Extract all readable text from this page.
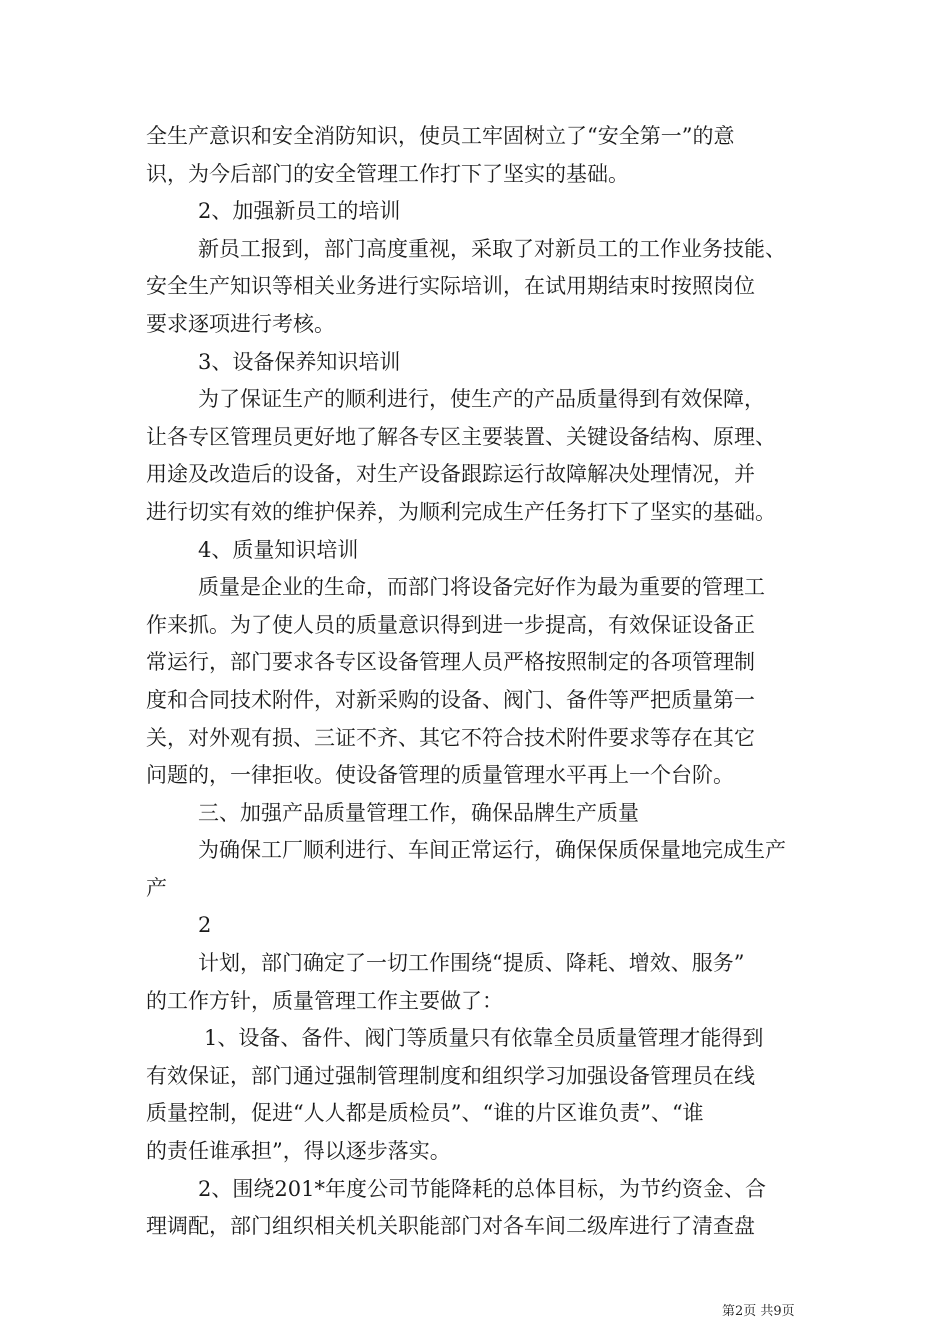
全生产意识和安全消防知识，使员工牢固树立了“安全第一”的意
识，为今后部门的安全管理工作打下了坚实的基础。
2、加强新员工的培训
新员工报到，部门高度重视，采取了对新员工的工作业务技能、
安全生产知识等相关业务进行实际培训，在试用期结束时按照岗位
要求逐项进行考核。
3、设备保养知识培训
为了保证生产的顺利进行，使生产的产品质量得到有效保障，
让各专区管理员更好地了解各专区主要装置、关键设备结构、原理、
用途及改造后的设备，对生产设备跟踪运行故障解决处理情况，并
进行切实有效的维护保养，为顺利完成生产任务打下了坚实的基础。
4、质量知识培训
质量是企业的生命，而部门将设备完好作为最为重要的管理工
作来抓。为了使人员的质量意识得到进一步提高，有效保证设备正
常运行，部门要求各专区设备管理人员严格按照制定的各项管理制
度和合同技术附件，对新采购的设备、阀门、备件等严把质量第一
关，对外观有损、三证不齐、其它不符合技术附件要求等存在其它
问题的，一律拒收。使设备管理的质量管理水平再上一个台阶。
三、加强产品质量管理工作，确保品牌生产质量
为确保工厂顺利进行、车间正常运行，确保保质保量地完成生产
产
2
计划，部门确定了一切工作围绕“提质、降耗、增效、服务”
的工作方针，质量管理工作主要做了：
1、设备、备件、阀门等质量只有依靠全员质量管理才能得到
有效保证，部门通过强制管理制度和组织学习加强设备管理员在线
质量控制，促进“人人都是质检员”、“谁的片区谁负责”、“谁
的责任谁承担”，得以逐步落实。
2、围绕201*年度公司节能降耗的总体目标，为节约资金、合
理调配，部门组织相关机关职能部门对各车间二级库进行了清查盘
第2页 共9页
